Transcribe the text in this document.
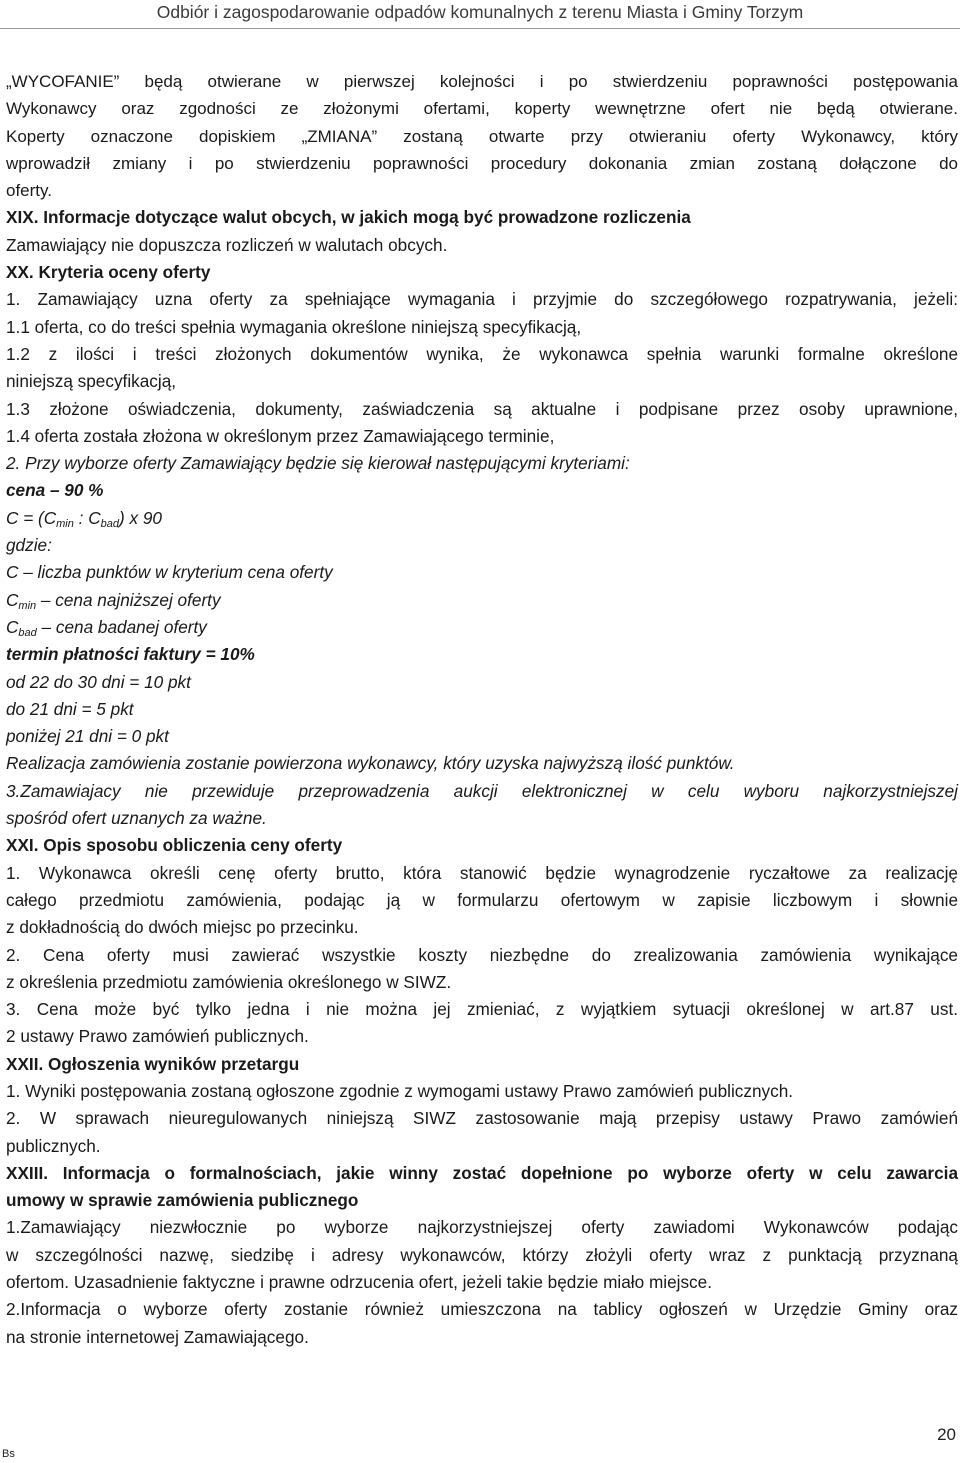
Odbiór i zagospodarowanie odpadów komunalnych z terenu Miasta i Gminy Torzym
„WYCOFANIE” będą otwierane w pierwszej kolejności i po stwierdzeniu poprawności postępowania
Wykonawcy oraz zgodności ze złożonymi ofertami, koperty wewnętrzne ofert nie będą otwierane.
Koperty oznaczone dopiskiem „ZMIANA” zostaną otwarte przy otwieraniu oferty Wykonawcy, który
wprowadził zmiany i po stwierdzeniu poprawności procedury dokonania zmian zostaną dołączone do
oferty.
XIX. Informacje dotyczące walut obcych, w jakich mogą być prowadzone rozliczenia
Zamawiający nie dopuszcza rozliczeń w walutach obcych.
XX. Kryteria oceny oferty
1. Zamawiający uzna oferty za spełniające wymagania i przyjmie do szczegółowego rozpatrywania, jeżeli:
1.1 oferta, co do treści spełnia wymagania określone niniejszą specyfikacją,
1.2 z ilości i treści złożonych dokumentów wynika, że wykonawca spełnia warunki formalne określone
niniejszą specyfikacją,
1.3 złożone oświadczenia, dokumenty, zaświadczenia są aktualne i podpisane przez osoby uprawnione,
1.4 oferta została złożona w określonym przez Zamawiającego terminie,
2. Przy wyborze oferty Zamawiający będzie się kierował następującymi kryteriami:
cena – 90 %
$C = (C_{min}$ : $C_{bad}$) x 90
gdzie:
C – liczba punktów w kryterium cena oferty
$C_{min}$ – cena najniższej oferty
$C_{bad}$ – cena badanej oferty
termin płatności faktury = 10%
od 22 do 30 dni = 10 pkt
do 21 dni = 5 pkt
poniżej 21 dni = 0 pkt
Realizacja zamówienia zostanie powierzona wykonawcy, który uzyska najwyższą ilość punktów.
3.Zamawiajacy nie przewiduje przeprowadzenia aukcji elektronicznej w celu wyboru najkorzystniejszej
spośród ofert uznanych za ważne.
XXI. Opis sposobu obliczenia ceny oferty
1. Wykonawca określi cenę oferty brutto, która stanowić będzie wynagrodzenie ryczałtowe za realizację
całego przedmiotu zamówienia, podając ją w formularzu ofertowym w zapisie liczbowym i słownie
z dokładnością do dwóch miejsc po przecinku.
2. Cena oferty musi zawierać wszystkie koszty niezbędne do zrealizowania zamówienia wynikające
z określenia przedmiotu zamówienia określonego w SIWZ.
3. Cena może być tylko jedna i nie można jej zmieniać, z wyjątkiem sytuacji określonej w art.87 ust.
2 ustawy Prawo zamówień publicznych.
XXII. Ogłoszenia wyników przetargu
1. Wyniki postępowania zostaną ogłoszone zgodnie z wymogami ustawy Prawo zamówień publicznych.
2. W sprawach nieuregulowanych niniejszą SIWZ zastosowanie mają przepisy ustawy Prawo zamówień
publicznych.
XXIII. Informacja o formalnościach, jakie winny zostać dopełnione po wyborze oferty w celu zawarcia
umowy w sprawie zamówienia publicznego
1.Zamawiający niezwłocznie po wyborze najkorzystniejszej oferty zawiadomi Wykonawców podając
w szczególności nazwę, siedzibę i adresy wykonawców, którzy złożyli oferty wraz z punktacją przyznaną
ofertom. Uzasadnienie faktyczne i prawne odrzucenia ofert, jeżeli takie będzie miało miejsce.
2.Informacja o wyborze oferty zostanie również umieszczona na tablicy ogłoszeń w Urzędzie Gminy oraz
na stronie internetowej Zamawiającego.
20
Bs
